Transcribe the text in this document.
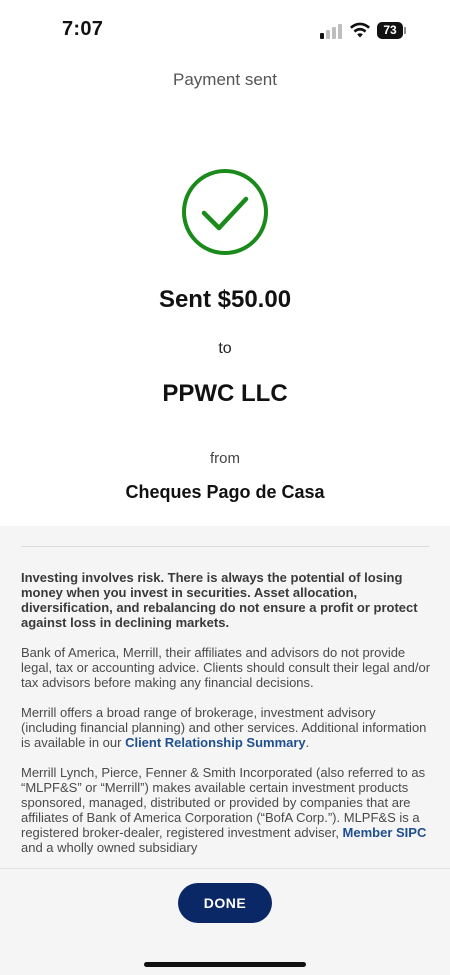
7:07	73
Payment sent
Sent $50.00
to
PPWC LLC
from
Cheques Pago de Casa

Investing involves risk. There is always the potential of losing money when you invest in securities. Asset allocation, diversification, and rebalancing do not ensure a profit or protect against loss in declining markets.

Bank of America, Merrill, their affiliates and advisors do not provide legal, tax or accounting advice. Clients should consult their legal and/or tax advisors before making any financial decisions.

Merrill offers a broad range of brokerage, investment advisory (including financial planning) and other services. Additional information is available in our Client Relationship Summary.

Merrill Lynch, Pierce, Fenner & Smith Incorporated (also referred to as “MLPF&S” or “Merrill”) makes available certain investment products sponsored, managed, distributed or provided by companies that are affiliates of Bank of America Corporation (“BofA Corp.”). MLPF&S is a registered broker-dealer, registered investment adviser, Member SIPC and a wholly owned subsidiary

DONE
